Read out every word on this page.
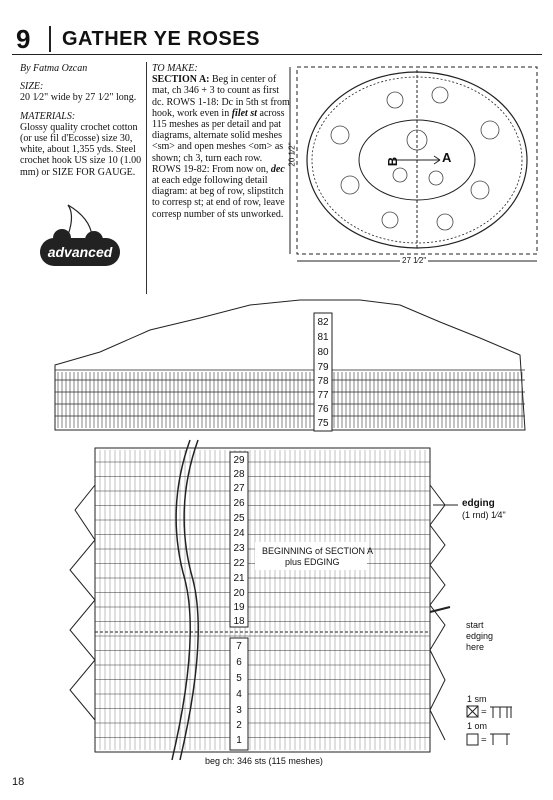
9 GATHER YE ROSES

By Fatma Ozcan

SIZE:

20 1⁄2" wide by 27 1⁄2" long.

MATERIALS:

Glossy quality crochet cotton (or use fil d'Ecosse) size 30, white, about 1,355 yds. Steel crochet hook US size 10 (1.00 mm) or SIZE FOR GAUGE.

=
=
advanced

TO MAKE:

SECTION A: Beg in center of mat, ch 346 + 3 to count as first dc. ROWS 1-18: Dc in 5th st from hook, work even in filet st across 115 meshes as per detail and pat diagrams, alternate solid meshes <sm> and open meshes <om> as shown; ch 3, turn each row. ROWS 19-82: From now on, dec at each edge following detail diagram: at beg of row, slipstitch to corresp st; at end of row, leave corresp number of sts unworked.

20 1⁄2"
27 1⁄2"
A
B
82
81
80
79
78
77
76
75
29
28
27
26
25
24
23
22
21
20
19
18
7
6
5
4
3
2
1
BEGINNING of SECTION A
plus EDGING
edging
(1 rnd) 1⁄4"
start
edging
here
beg ch: 346 sts (115 meshes)
1 sm
1 om
18
